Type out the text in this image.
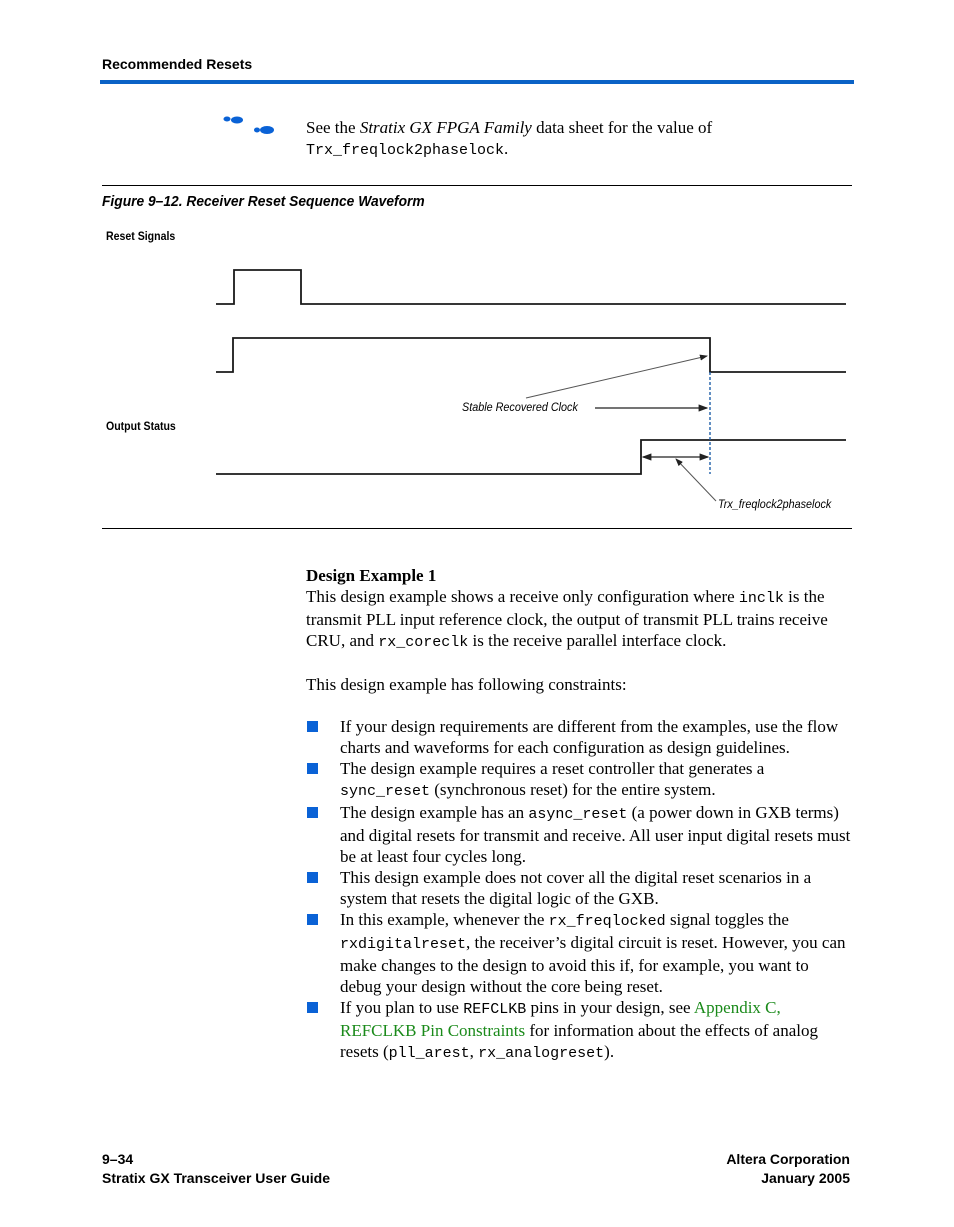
Recommended Resets
See the Stratix GX FPGA Family data sheet for the value of
Trx_freqlock2phaselock.
Figure 9–12. Receiver Reset Sequence Waveform
Reset Signals
Output Status
Stable Recovered Clock
Trx_freqlock2phaselock

Design Example 1

This design example shows a receive only configuration where inclk is the transmit PLL input reference clock, the output of transmit PLL trains receive CRU, and rx_coreclk is the receive parallel interface clock.

This design example has following constraints:

If your design requirements are different from the examples, use the flow charts and waveforms for each configuration as design guidelines.
The design example requires a reset controller that generates a sync_reset (synchronous reset) for the entire system.
The design example has an async_reset (a power down in GXB terms) and digital resets for transmit and receive. All user input digital resets must be at least four cycles long.
This design example does not cover all the digital reset scenarios in a system that resets the digital logic of the GXB.
In this example, whenever the rx_freqlocked signal toggles the rxdigitalreset, the receiver’s digital circuit is reset. However, you can make changes to the design to avoid this if, for example, you want to debug your design without the core being reset.
If you plan to use REFCLKB pins in your design, see Appendix C, REFCLKB Pin Constraints for information about the effects of analog resets (pll_arest, rx_analogreset).
9–34
Stratix GX Transceiver User Guide
Altera Corporation
January 2005
